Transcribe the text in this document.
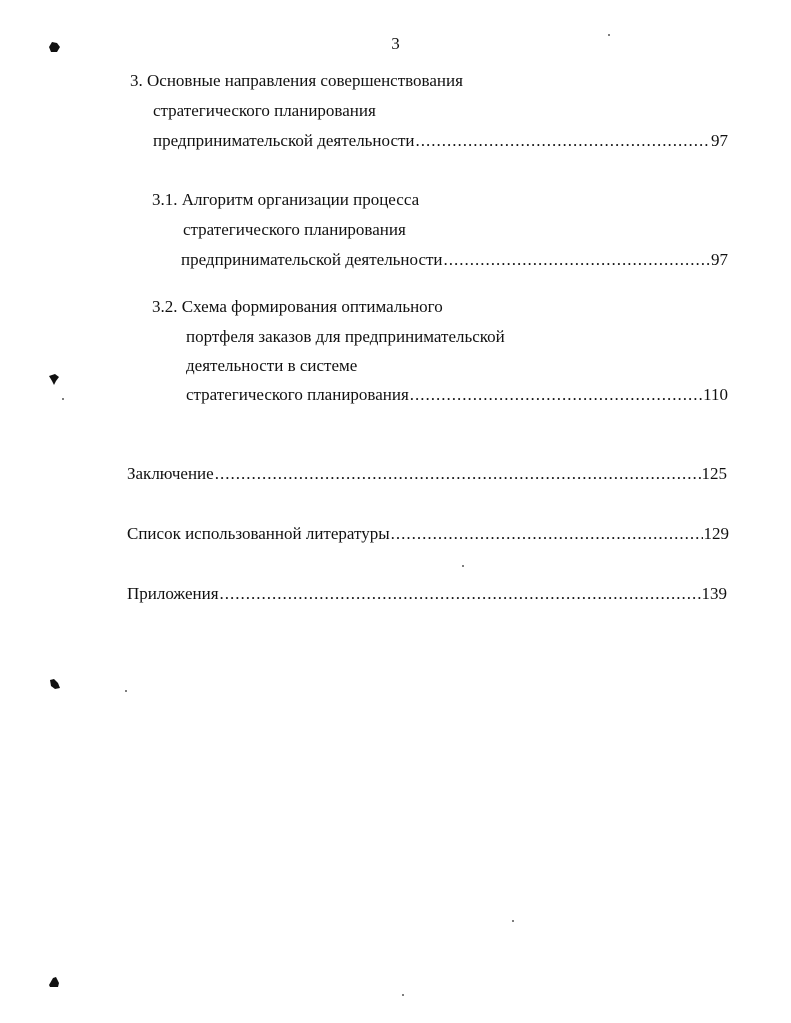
3
3. Основные направления совершенствования
стратегического планирования
предпринимательской деятельности .....	97
3.1. Алгоритм организации процесса
стратегического планирования
предпринимательской деятельности .....	97
3.2. Схема формирования оптимального
портфеля заказов для предпринимательской
деятельности в системе
стратегического планирования .....	110
Заключение .....	125
Список использованной литературы .....	129
Приложения .....	139
